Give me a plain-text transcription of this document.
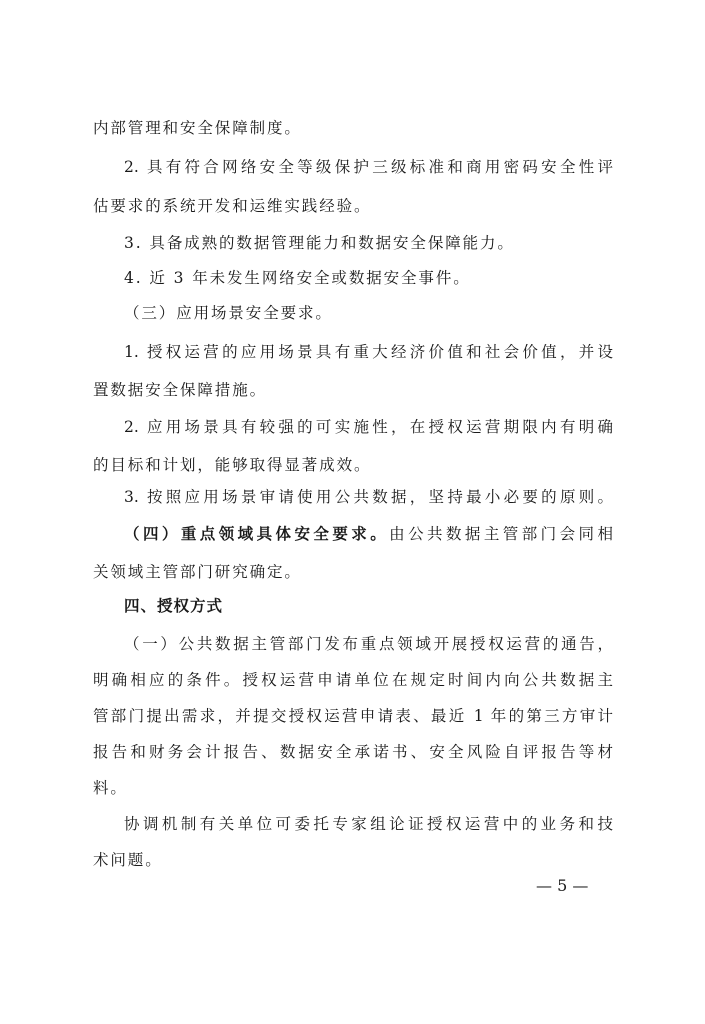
内部管理和安全保障制度。
2. 具有符合网络安全等级保护三级标准和商用密码安全性评
估要求的系统开发和运维实践经验。
3. 具备成熟的数据管理能力和数据安全保障能力。
4. 近 3 年未发生网络安全或数据安全事件。
（三）应用场景安全要求。
1. 授权运营的应用场景具有重大经济价值和社会价值，并设
置数据安全保障措施。
2. 应用场景具有较强的可实施性，在授权运营期限内有明确
的目标和计划，能够取得显著成效。
3. 按照应用场景审请使用公共数据，坚持最小必要的原则。
（四）重点领域具体安全要求。由公共数据主管部门会同相
关领域主管部门研究确定。
四、授权方式
（一）公共数据主管部门发布重点领域开展授权运营的通告，
明确相应的条件。授权运营申请单位在规定时间内向公共数据主
管部门提出需求，并提交授权运营申请表、最近 1 年的第三方审计
报告和财务会计报告、数据安全承诺书、安全风险自评报告等材
料。
协调机制有关单位可委托专家组论证授权运营中的业务和技
术问题。
— 5 —
